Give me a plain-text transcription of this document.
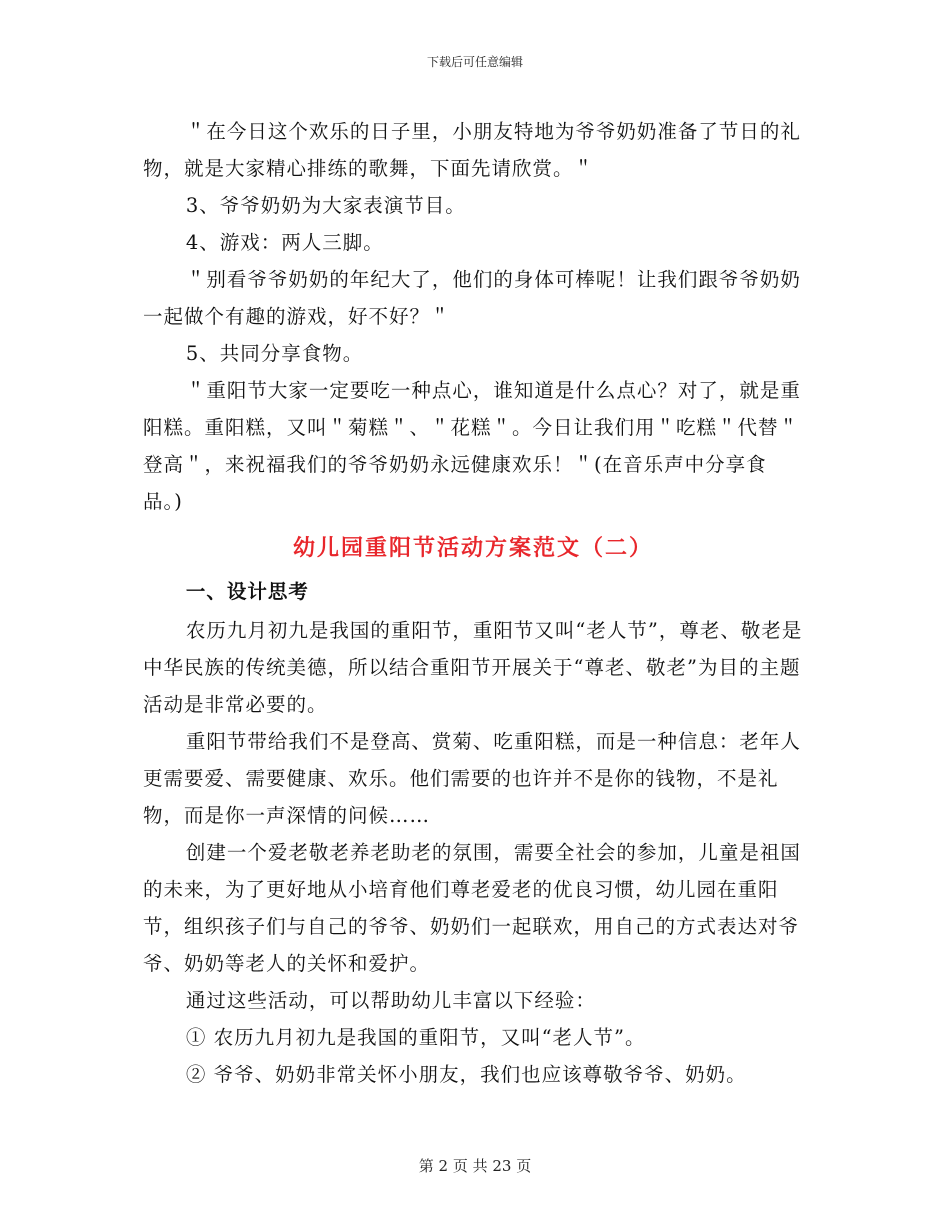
下载后可任意编辑

＂在今日这个欢乐的日子里，小朋友特地为爷爷奶奶准备了节日的礼物，就是大家精心排练的歌舞，下面先请欣赏。＂

3、爷爷奶奶为大家表演节目。

4、游戏：两人三脚。

＂别看爷爷奶奶的年纪大了，他们的身体可棒呢！让我们跟爷爷奶奶一起做个有趣的游戏，好不好？＂

5、共同分享食物。

＂重阳节大家一定要吃一种点心，谁知道是什么点心？对了，就是重阳糕。重阳糕，又叫＂菊糕＂、＂花糕＂。今日让我们用＂吃糕＂代替＂登高＂，来祝福我们的爷爷奶奶永远健康欢乐！＂(在音乐声中分享食品。)

幼儿园重阳节活动方案范文（二）

一、设计思考

农历九月初九是我国的重阳节，重阳节又叫“老人节”，尊老、敬老是中华民族的传统美德，所以结合重阳节开展关于“尊老、敬老”为目的主题活动是非常必要的。

重阳节带给我们不是登高、赏菊、吃重阳糕，而是一种信息：老年人更需要爱、需要健康、欢乐。他们需要的也许并不是你的钱物，不是礼物，而是你一声深情的问候……

创建一个爱老敬老养老助老的氛围，需要全社会的参加，儿童是祖国的未来，为了更好地从小培育他们尊老爱老的优良习惯，幼儿园在重阳节，组织孩子们与自己的爷爷、奶奶们一起联欢，用自己的方式表达对爷爷、奶奶等老人的关怀和爱护。

通过这些活动，可以帮助幼儿丰富以下经验：

① 农历九月初九是我国的重阳节，又叫“老人节”。

② 爷爷、奶奶非常关怀小朋友，我们也应该尊敬爷爷、奶奶。

第 2 页 共 23 页
